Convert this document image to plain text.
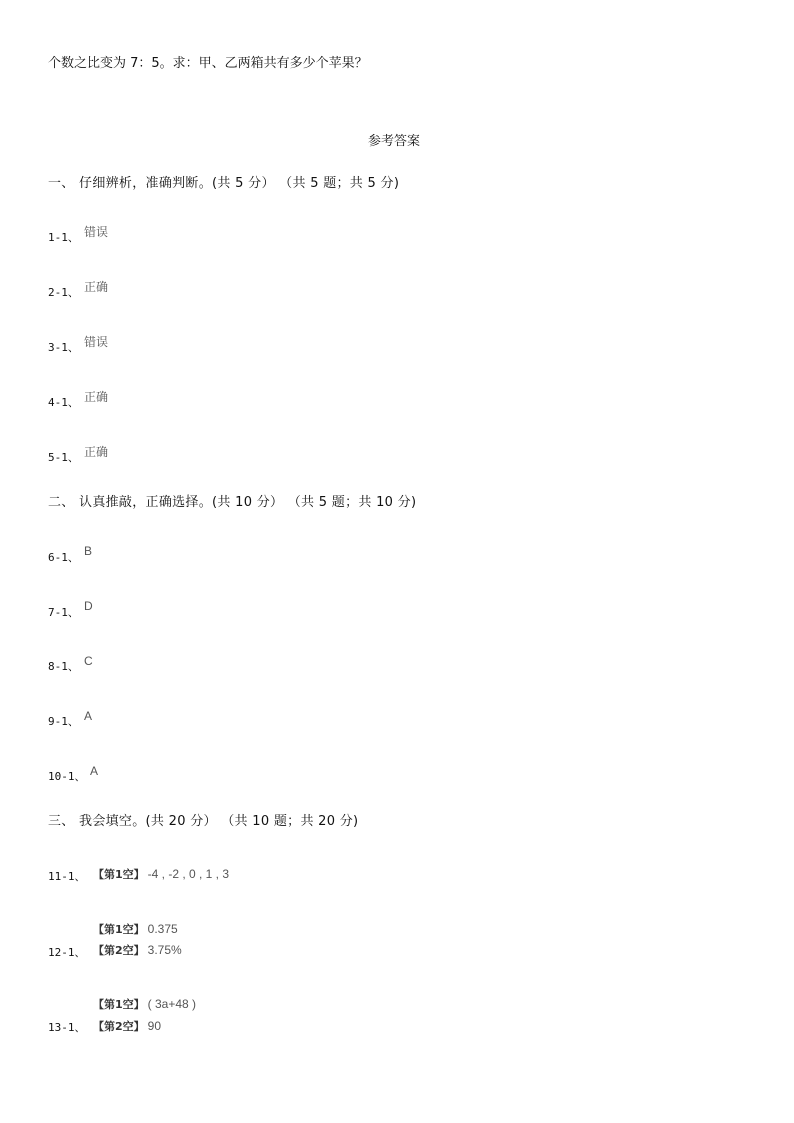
个数之比变为 7：5。求：甲、乙两箱共有多少个苹果？
参考答案
一、 仔细辨析，准确判断。(共 5 分） （共 5 题；共 5 分)
1-1、 错误
2-1、 正确
3-1、 错误
4-1、 正确
5-1、 正确
二、 认真推敲，正确选择。(共 10 分） （共 5 题；共 10 分)
6-1、 B
7-1、 D
8-1、 C
9-1、 A
10-1、 A
三、 我会填空。(共 20 分） （共 10 题；共 20 分)
11-1、 【第1空】 -4 , -2 , 0 , 1 , 3
【第1空】 0.375
【第2空】 3.75%
12-1、
【第1空】 ( 3a+48 )
【第2空】 90
13-1、
